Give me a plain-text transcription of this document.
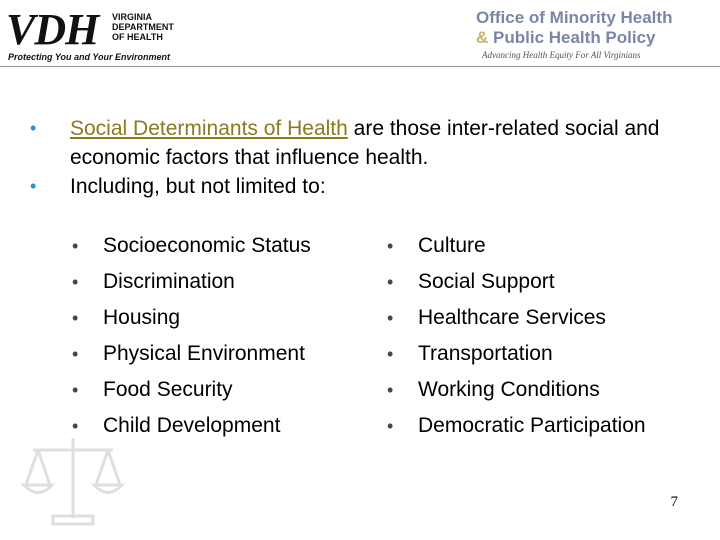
VDH VIRGINIA
DEPARTMENT
OF HEALTH
Protecting You and Your Environment
Office of Minority Health
& Public Health Policy
Advancing Health Equity For All Virginians
• Social Determinants of Health are those inter-related social and economic factors that influence health.
• Including, but not limited to:
• Socioeconomic Status
• Discrimination
• Housing
• Physical Environment
• Food Security
• Child Development
• Culture
• Social Support
• Healthcare Services
• Transportation
• Working Conditions
• Democratic Participation
7
